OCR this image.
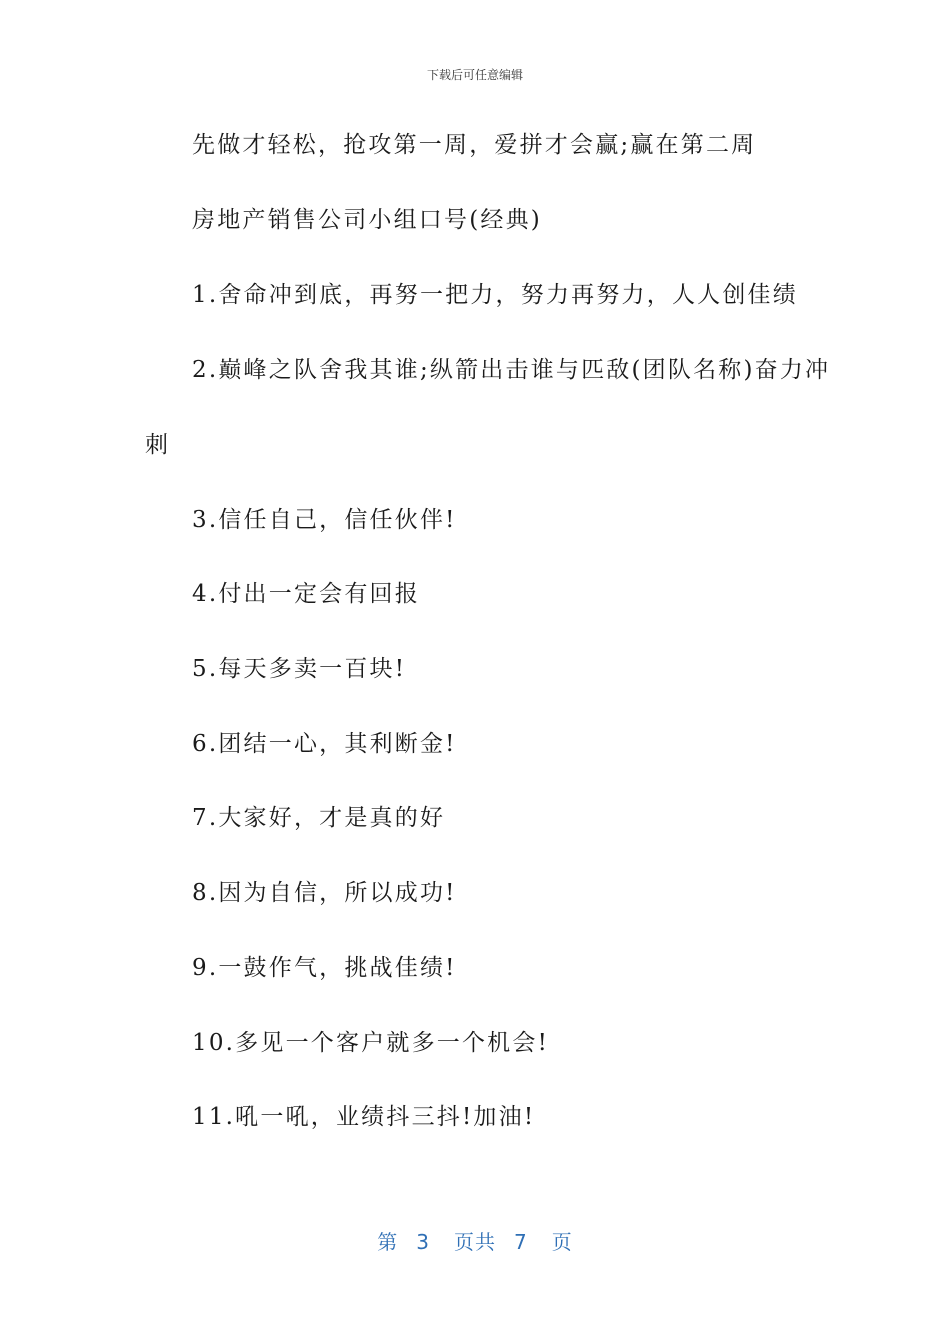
下载后可任意编辑
先做才轻松，抢攻第一周，爱拼才会赢;赢在第二周
房地产销售公司小组口号(经典)
1.舍命冲到底，再努一把力，努力再努力，人人创佳绩
2.巅峰之队舍我其谁;纵箭出击谁与匹敌(团队名称)奋力冲
刺
3.信任自己，信任伙伴!
4.付出一定会有回报
5.每天多卖一百块!
6.团结一心，其利断金!
7.大家好，才是真的好
8.因为自信，所以成功!
9.一鼓作气，挑战佳绩!
10.多见一个客户就多一个机会!
11.吼一吼，业绩抖三抖!加油!
第 3 页共 7 页
